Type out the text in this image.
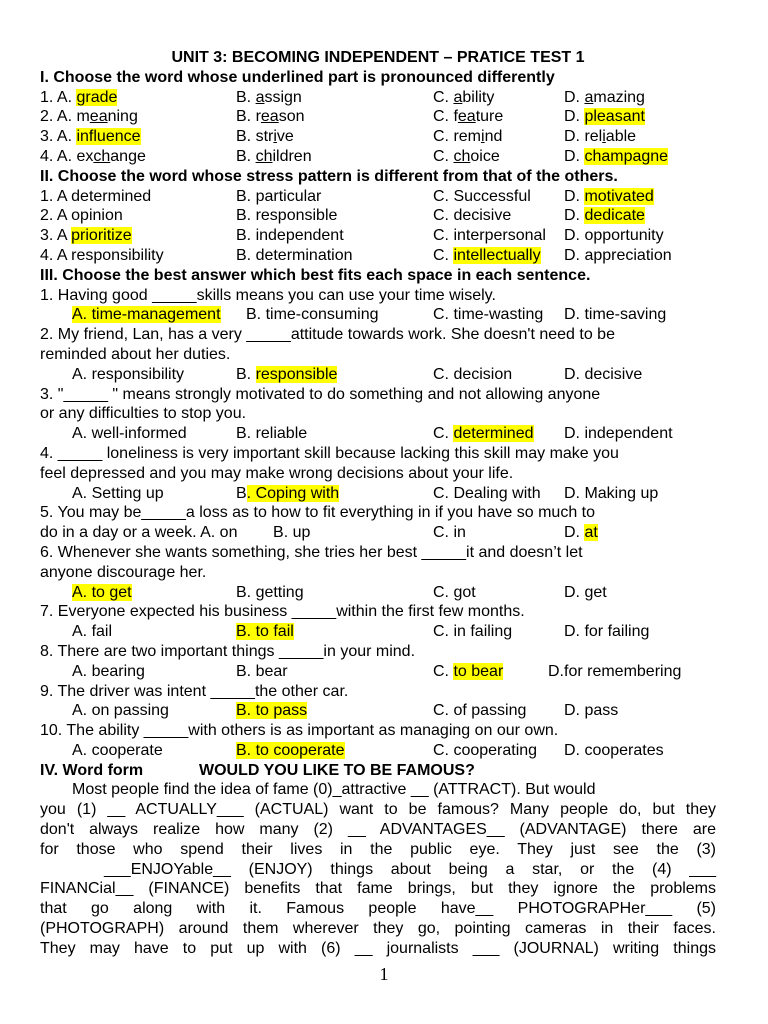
UNIT 3: BECOMING INDEPENDENT – PRATICE TEST 1
I. Choose the word whose underlined part is pronounced differently
1. A. grade	B. assign	C. ability	D. amazing
2. A. meaning	B. reason	C. feature	D. pleasant
3. A. influence	B. strive	C. remind	D. reliable
4. A. exchange	B. children	C. choice	D. champagne
II. Choose the word whose stress pattern is different from that of the others.
1. A determined	B. particular	C. Successful D. motivated
2. A opinion	B. responsible	C. decisive	D. dedicate
3. A prioritize	B. independent	C. interpersonal D. opportunity
4. A responsibility	B. determination	C. intellectually D. appreciation
III. Choose the best answer which best fits each space in each sentence.
1. Having good _____skills means you can use your time wisely.
A. time-management B. time-consuming	C. time-wasting D. time-saving
2. My friend, Lan, has a very _____attitude towards work. She doesn't need to be
reminded about her duties.
A. responsibility	B. responsible	C. decision	D. decisive
3. "_____ " means strongly motivated to do something and not allowing anyone
or any difficulties to stop you.
A. well-informed	B. reliable	C. determined D. independent
4. _____ loneliness is very important skill because lacking this skill may make you
feel depressed and you may make wrong decisions about your life.
A. Setting up	B. Coping with	C. Dealing with D. Making up
5. You may be_____a loss as to how to fit everything in if you have so much to
do in a day or a week. A. on        B. up	C. in	D. at
6. Whenever she wants something, she tries her best _____it and doesn’t let
anyone discourage her.
A. to get	B. getting	C. got	D. get
7. Everyone expected his business _____within the first few months.
A. fail	B. to fail	C. in failing	D. for failing
8. There are two important things _____in your mind.
A. bearing	B. bear	C. to bear	D.for remembering
9. The driver was intent _____the other car.
A. on passing	B. to pass	C. of passing D. pass
10. The ability _____with others is as important as managing on our own.
A. cooperate	B. to cooperate	C. cooperating D. cooperates
IV. Word form	WOULD YOU LIKE TO BE FAMOUS?
Most people find the idea of fame (0)_attractive __ (ATTRACT). But would
you (1) __ ACTUALLY___ (ACTUAL) want to be famous? Many people do, but they
don't always realize how many (2) __ ADVANTAGES__ (ADVANTAGE) there are
for those who spend their lives in the public eye. They just see the (3)
___ENJOYable__ (ENJOY) things about being a star, or the (4) ___
FINANCial__ (FINANCE) benefits that fame brings, but they ignore the problems
that go along with it. Famous people have__ PHOTOGRAPHer___ (5)
(PHOTOGRAPH) around them wherever they go, pointing cameras in their faces.
They may have to put up with (6) __ journalists ___ (JOURNAL) writing things
1
